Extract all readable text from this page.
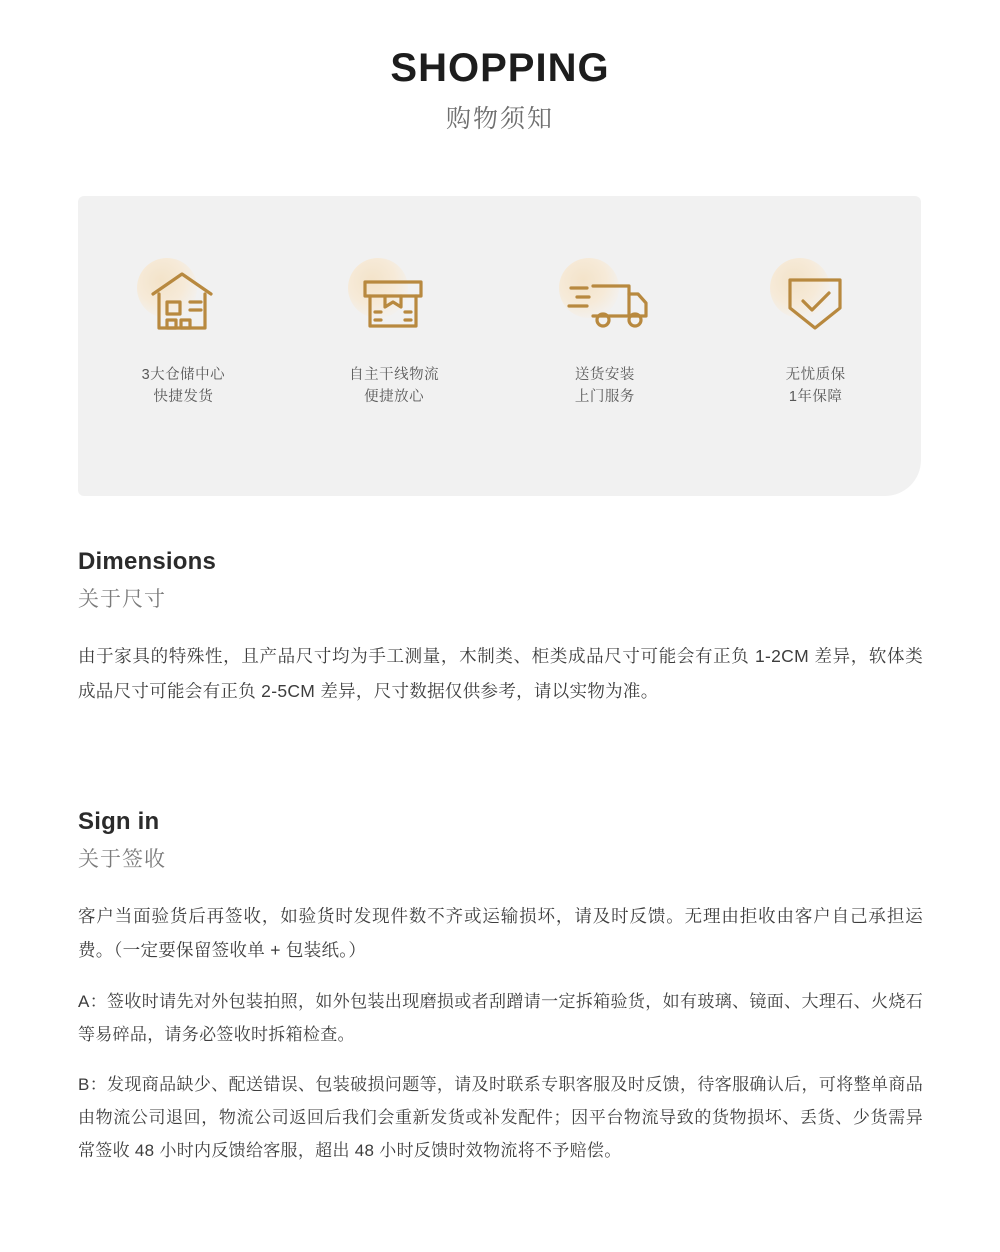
SHOPPING
购物须知
3大仓储中心
快捷发货
自主干线物流
便捷放心
送货安装
上门服务
无忧质保
1年保障
Dimensions
关于尺寸

由于家具的特殊性，且产品尺寸均为手工测量，木制类、柜类成品尺寸可能会有正负 1-2CM 差异，软体类成品尺寸可能会有正负 2-5CM 差异，尺寸数据仅供参考，请以实物为准。

Sign in
关于签收

客户当面验货后再签收，如验货时发现件数不齐或运输损坏，请及时反馈。无理由拒收由客户自己承担运费。（一定要保留签收单 + 包装纸。）

A：签收时请先对外包装拍照，如外包装出现磨损或者刮蹭请一定拆箱验货，如有玻璃、镜面、大理石、火烧石等易碎品，请务必签收时拆箱检查。

B：发现商品缺少、配送错误、包装破损问题等，请及时联系专职客服及时反馈，待客服确认后，可将整单商品由物流公司退回，物流公司返回后我们会重新发货或补发配件；因平台物流导致的货物损坏、丢货、少货需异常签收 48 小时内反馈给客服，超出 48 小时反馈时效物流将不予赔偿。
